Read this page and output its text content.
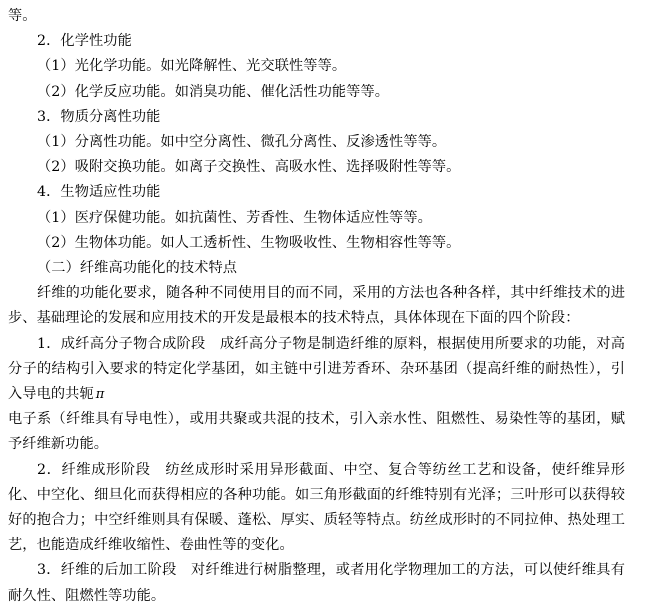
等。
2．化学性功能
（1）光化学功能。如光降解性、光交联性等等。
（2）化学反应功能。如消臭功能、催化活性功能等等。
3．物质分离性功能
（1）分离性功能。如中空分离性、微孔分离性、反渗透性等等。
（2）吸附交换功能。如离子交换性、高吸水性、选择吸附性等等。
4．生物适应性功能
（1）医疗保健功能。如抗菌性、芳香性、生物体适应性等等。
（2）生物体功能。如人工透析性、生物吸收性、生物相容性等等。
（二）纤维高功能化的技术特点
纤维的功能化要求，随各种不同使用目的而不同，采用的方法也各种各样，其中纤维技术的进步、基础理论的发展和应用技术的开发是最根本的技术特点，具体体现在下面的四个阶段：
1．成纤高分子物合成阶段　成纤高分子物是制造纤维的原料，根据使用所要求的功能，对高分子的结构引入要求的特定化学基团，如主链中引进芳香环、杂环基团（提高纤维的耐热性），引入导电的共轭 π
电子系（纤维具有导电性），或用共聚或共混的技术，引入亲水性、阻燃性、易染性等的基团，赋予纤维新功能。
2．纤维成形阶段　纺丝成形时采用异形截面、中空、复合等纺丝工艺和设备，使纤维异形化、中空化、细旦化而获得相应的各种功能。如三角形截面的纤维特别有光泽；三叶形可以获得较好的抱合力；中空纤维则具有保暖、蓬松、厚实、质轻等特点。纺丝成形时的不同拉伸、热处理工艺，也能造成纤维收缩性、卷曲性等的变化。
3．纤维的后加工阶段　对纤维进行树脂整理，或者用化学物理加工的方法，可以使纤维具有耐久性、阻燃性等功能。
